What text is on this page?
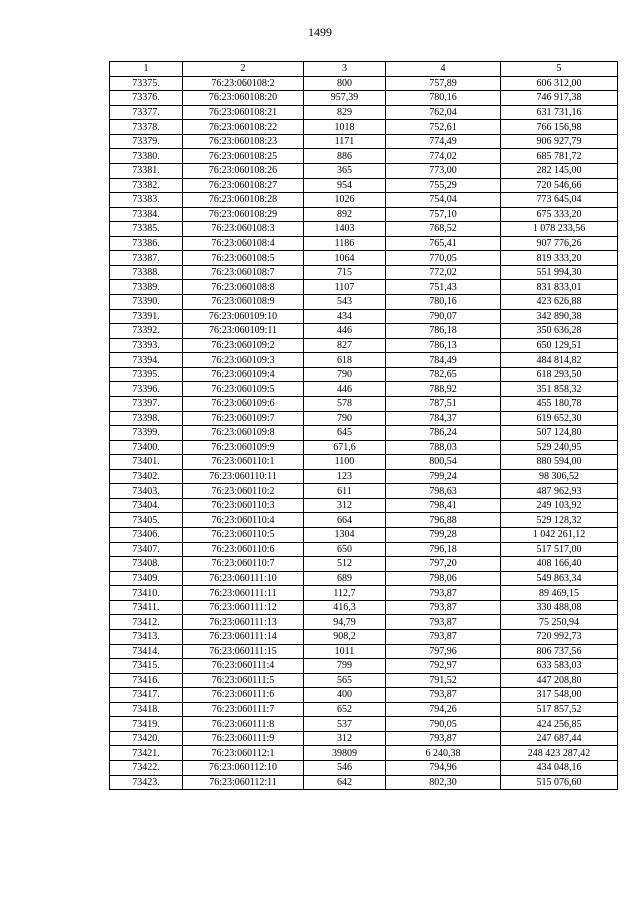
1499
1	2	3	4	5
73375.	76:23:060108:2	800	757,89	606 312,00
73376.	76:23:060108:20	957,39	780,16	746 917,38
73377.	76:23:060108:21	829	762,04	631 731,16
73378.	76:23:060108:22	1018	752,61	766 156,98
73379.	76:23:060108:23	1171	774,49	906 927,79
73380.	76:23:060108:25	886	774,02	685 781,72
73381.	76:23:060108:26	365	773,00	282 145,00
73382.	76:23:060108:27	954	755,29	720 546,66
73383.	76:23:060108:28	1026	754,04	773 645,04
73384.	76:23:060108:29	892	757,10	675 333,20
73385.	76:23:060108:3	1403	768,52	1 078 233,56
73386.	76:23:060108:4	1186	765,41	907 776,26
73387.	76:23:060108:5	1064	770,05	819 333,20
73388.	76:23:060108:7	715	772,02	551 994,30
73389.	76:23:060108:8	1107	751,43	831 833,01
73390.	76:23:060108:9	543	780,16	423 626,88
73391.	76:23:060109:10	434	790,07	342 890,38
73392.	76:23:060109:11	446	786,18	350 636,28
73393.	76:23:060109:2	827	786,13	650 129,51
73394.	76:23:060109:3	618	784,49	484 814,82
73395.	76:23:060109:4	790	782,65	618 293,50
73396.	76:23:060109:5	446	788,92	351 858,32
73397.	76:23:060109:6	578	787,51	455 180,78
73398.	76:23:060109:7	790	784,37	619 652,30
73399.	76:23:060109:8	645	786,24	507 124,80
73400.	76:23:060109:9	671,6	788,03	529 240,95
73401.	76:23:060110:1	1100	800,54	880 594,00
73402.	76:23:060110:11	123	799,24	98 306,52
73403.	76:23:060110:2	611	798,63	487 962,93
73404.	76:23:060110:3	312	798,41	249 103,92
73405.	76:23:060110:4	664	796,88	529 128,32
73406.	76:23:060110:5	1304	799,28	1 042 261,12
73407.	76:23:060110:6	650	796,18	517 517,00
73408.	76:23:060110:7	512	797,20	408 166,40
73409.	76:23:060111:10	689	798,06	549 863,34
73410.	76:23:060111:11	112,7	793,87	89 469,15
73411.	76:23:060111:12	416,3	793,87	330 488,08
73412.	76:23:060111:13	94,79	793,87	75 250,94
73413.	76:23:060111:14	908,2	793,87	720 992,73
73414.	76:23:060111:15	1011	797,96	806 737,56
73415.	76:23:060111:4	799	792,97	633 583,03
73416.	76:23:060111:5	565	791,52	447 208,80
73417.	76:23:060111:6	400	793,87	317 548,00
73418.	76:23:060111:7	652	794,26	517 857,52
73419.	76:23:060111:8	537	790,05	424 256,85
73420.	76:23:060111:9	312	793,87	247 687,44
73421.	76:23:060112:1	39809	6 240,38	248 423 287,42
73422.	76:23:060112:10	546	794,96	434 048,16
73423.	76:23:060112:11	642	802,30	515 076,60
